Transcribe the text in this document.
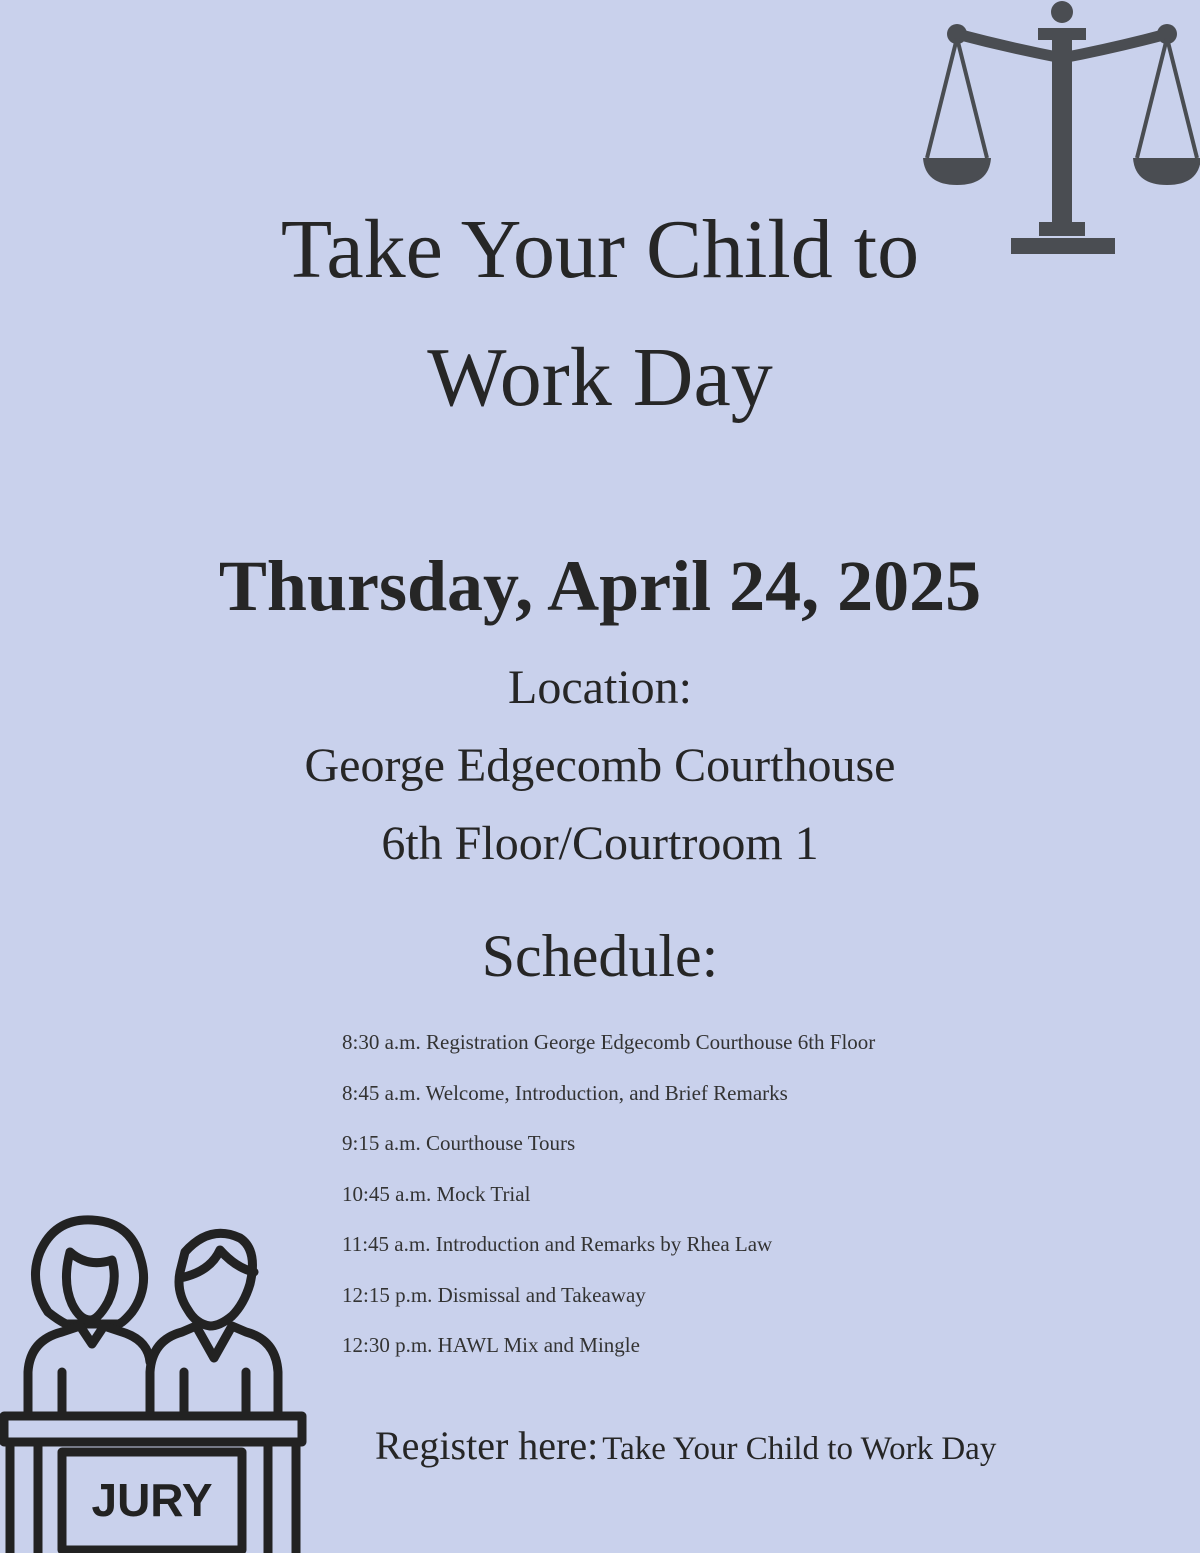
Take Your Child to
Work Day
Thursday, April 24, 2025
Location:
George Edgecomb Courthouse
6th Floor/Courtroom 1
Schedule:
8:30 a.m. Registration George Edgecomb Courthouse 6th Floor
8:45 a.m. Welcome, Introduction, and Brief Remarks
9:15 a.m. Courthouse Tours
10:45 a.m. Mock Trial
11:45 a.m. Introduction and Remarks by Rhea Law
12:15 p.m. Dismissal and Takeaway
12:30 p.m. HAWL Mix and Mingle
Register here: Take Your Child to Work Day
JURY
